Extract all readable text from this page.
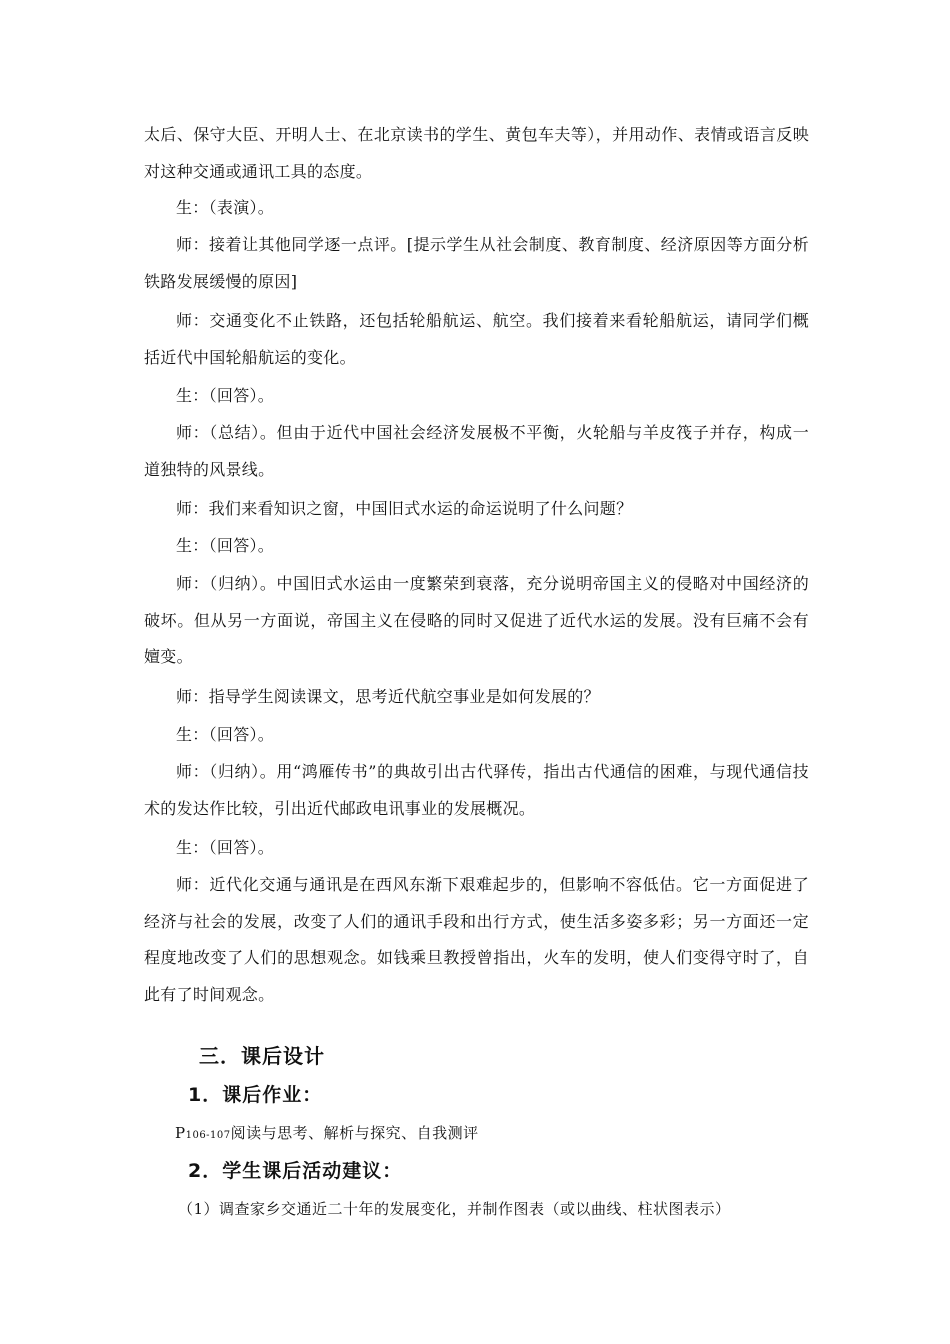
太后、保守大臣、开明人士、在北京读书的学生、黄包车夫等），并用动作、表情或语言反映对这种交通或通讯工具的态度。

生：（表演）。

师：接着让其他同学逐一点评。[提示学生从社会制度、教育制度、经济原因等方面分析铁路发展缓慢的原因]

师：交通变化不止铁路，还包括轮船航运、航空。我们接着来看轮船航运，请同学们概括近代中国轮船航运的变化。

生：（回答）。

师：（总结）。但由于近代中国社会经济发展极不平衡，火轮船与羊皮筏子并存，构成一道独特的风景线。

师：我们来看知识之窗，中国旧式水运的命运说明了什么问题？

生：（回答）。

师：（归纳）。中国旧式水运由一度繁荣到衰落，充分说明帝国主义的侵略对中国经济的破坏。但从另一方面说，帝国主义在侵略的同时又促进了近代水运的发展。没有巨痛不会有嬗变。

师：指导学生阅读课文，思考近代航空事业是如何发展的？

生：（回答）。

师：（归纳）。用“鸿雁传书”的典故引出古代驿传，指出古代通信的困难，与现代通信技术的发达作比较，引出近代邮政电讯事业的发展概况。

生：（回答）。

师：近代化交通与通讯是在西风东渐下艰难起步的，但影响不容低估。它一方面促进了经济与社会的发展，改变了人们的通讯手段和出行方式，使生活多姿多彩；另一方面还一定程度地改变了人们的思想观念。如钱乘旦教授曾指出，火车的发明，使人们变得守时了，自此有了时间观念。

三．课后设计
1．课后作业：
P106-107阅读与思考、解析与探究、自我测评
2．学生课后活动建议：
（1）调查家乡交通近二十年的发展变化，并制作图表（或以曲线、柱状图表示）
